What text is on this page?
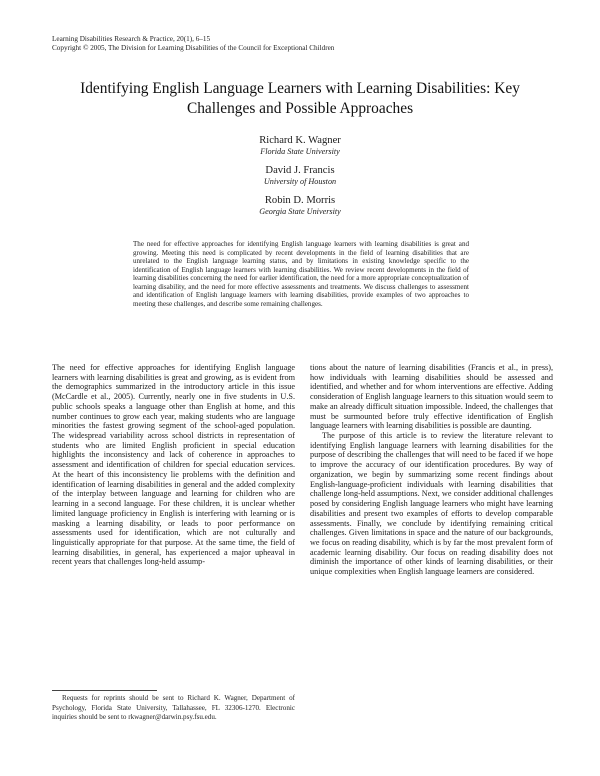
Learning Disabilities Research & Practice, 20(1), 6–15
Copyright © 2005, The Division for Learning Disabilities of the Council for Exceptional Children
Identifying English Language Learners with Learning Disabilities: Key Challenges and Possible Approaches
Richard K. Wagner
Florida State University
David J. Francis
University of Houston
Robin D. Morris
Georgia State University
The need for effective approaches for identifying English language learners with learning disabilities is great and growing. Meeting this need is complicated by recent developments in the field of learning disabilities that are unrelated to the English language learning status, and by limitations in existing knowledge specific to the identification of English language learners with learning disabilities. We review recent developments in the field of learning disabilities concerning the need for earlier identification, the need for a more appropriate conceptualization of learning disability, and the need for more effective assessments and treatments. We discuss challenges to assessment and identification of English language learners with learning disabilities, provide examples of two approaches to meeting these challenges, and describe some remaining challenges.

The need for effective approaches for identifying English language learners with learning disabilities is great and growing, as is evident from the demographics summarized in the introductory article in this issue (McCardle et al., 2005). Currently, nearly one in five students in U.S. public schools speaks a language other than English at home, and this number continues to grow each year, making students who are language minorities the fastest growing segment of the school-aged population. The widespread variability across school districts in representation of students who are limited English proficient in special education highlights the inconsistency and lack of coherence in approaches to assessment and identification of children for special education services. At the heart of this inconsistency lie problems with the definition and identification of learning disabilities in general and the added complexity of the interplay between language and learning for children who are learning in a second language. For these children, it is unclear whether limited language proficiency in English is interfering with learning or is masking a learning disability, or leads to poor performance on assessments used for identification, which are not culturally and linguistically appropriate for that purpose. At the same time, the field of learning disabilities, in general, has experienced a major upheaval in recent years that challenges long-held assump-

tions about the nature of learning disabilities (Francis et al., in press), how individuals with learning disabilities should be assessed and identified, and whether and for whom interventions are effective. Adding consideration of English language learners to this situation would seem to make an already difficult situation impossible. Indeed, the challenges that must be surmounted before truly effective identification of English language learners with learning disabilities is possible are daunting.

The purpose of this article is to review the literature relevant to identifying English language learners with learning disabilities for the purpose of describing the challenges that will need to be faced if we hope to improve the accuracy of our identification procedures. By way of organization, we begin by summarizing some recent findings about English-language-proficient individuals with learning disabilities that challenge long-held assumptions. Next, we consider additional challenges posed by considering English language learners who might have learning disabilities and present two examples of efforts to develop comparable assessments. Finally, we conclude by identifying remaining critical challenges. Given limitations in space and the nature of our backgrounds, we focus on reading disability, which is by far the most prevalent form of academic learning disability. Our focus on reading disability does not diminish the importance of other kinds of learning disabilities, or their unique complexities when English language learners are considered.

Requests for reprints should be sent to Richard K. Wagner, Department of Psychology, Florida State University, Tallahassee, FL 32306-1270. Electronic inquiries should be sent to rkwagner@darwin.psy.fsu.edu.
